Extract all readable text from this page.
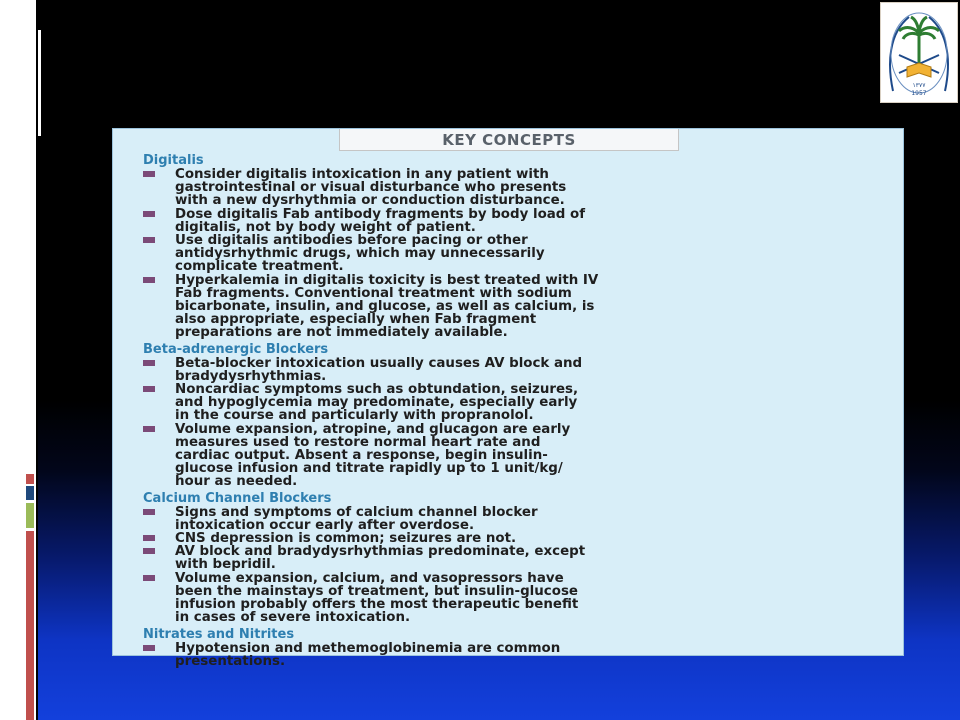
1957
١٣٧٧
KEY CONCEPTS
Digitalis
Consider digitalis intoxication in any patient with
gastrointestinal or visual disturbance who presents
with a new dysrhythmia or conduction disturbance.
Dose digitalis Fab antibody fragments by body load of
digitalis, not by body weight of patient.
Use digitalis antibodies before pacing or other
antidysrhythmic drugs, which may unnecessarily
complicate treatment.
Hyperkalemia in digitalis toxicity is best treated with IV
Fab fragments. Conventional treatment with sodium
bicarbonate, insulin, and glucose, as well as calcium, is
also appropriate, especially when Fab fragment
preparations are not immediately available.
Beta-adrenergic Blockers
Beta-blocker intoxication usually causes AV block and
bradydysrhythmias.
Noncardiac symptoms such as obtundation, seizures,
and hypoglycemia may predominate, especially early
in the course and particularly with propranolol.
Volume expansion, atropine, and glucagon are early
measures used to restore normal heart rate and
cardiac output. Absent a response, begin insulin-
glucose infusion and titrate rapidly up to 1 unit/kg/
hour as needed.
Calcium Channel Blockers
Signs and symptoms of calcium channel blocker
intoxication occur early after overdose.
CNS depression is common; seizures are not.
AV block and bradydysrhythmias predominate, except
with bepridil.
Volume expansion, calcium, and vasopressors have
been the mainstays of treatment, but insulin-glucose
infusion probably offers the most therapeutic benefit
in cases of severe intoxication.
Nitrates and Nitrites
Hypotension and methemoglobinemia are common
presentations.
